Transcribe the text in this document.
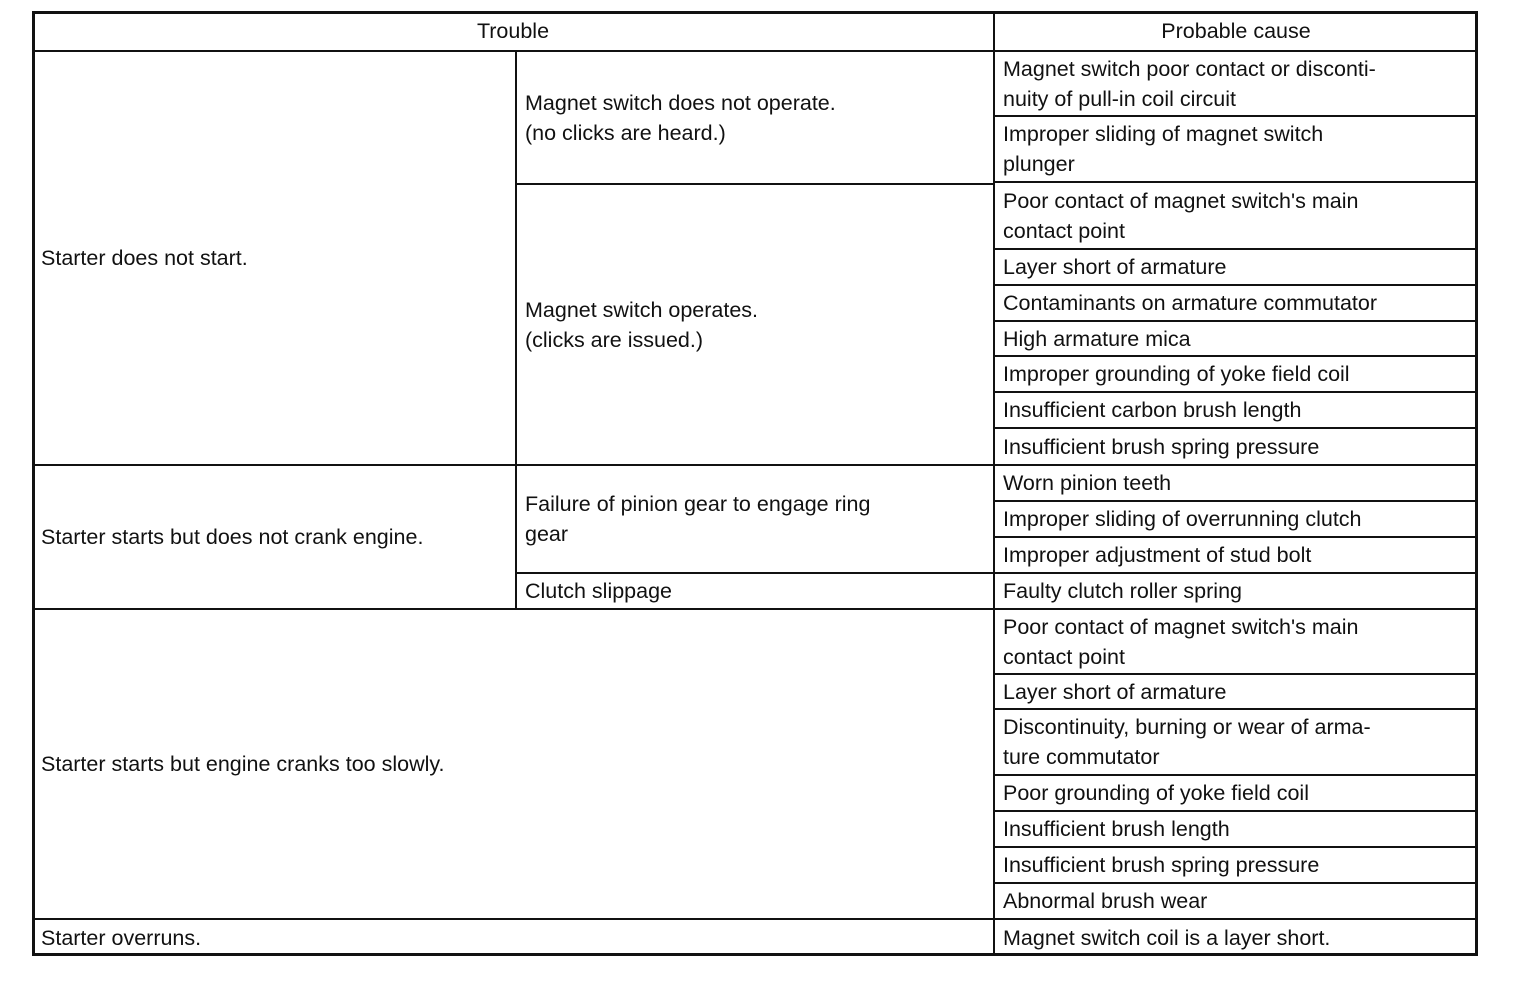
Trouble	Probable cause
Starter does not start.
Starter starts but does not crank engine.
Starter starts but engine cranks too slowly.
Starter overruns.
Magnet switch does not operate.
(no clicks are heard.)
Magnet switch operates.
(clicks are issued.)
Failure of pinion gear to engage ring
gear
Clutch slippage
Magnet switch poor contact or disconti-
nuity of pull-in coil circuit
Improper sliding of magnet switch
plunger
Poor contact of magnet switch's main
contact point
Layer short of armature
Contaminants on armature commutator
High armature mica
Improper grounding of yoke field coil
Insufficient carbon brush length
Insufficient brush spring pressure
Worn pinion teeth
Improper sliding of overrunning clutch
Improper adjustment of stud bolt
Faulty clutch roller spring
Poor contact of magnet switch's main
contact point
Layer short of armature
Discontinuity, burning or wear of arma-
ture commutator
Poor grounding of yoke field coil
Insufficient brush length
Insufficient brush spring pressure
Abnormal brush wear
Magnet switch coil is a layer short.
